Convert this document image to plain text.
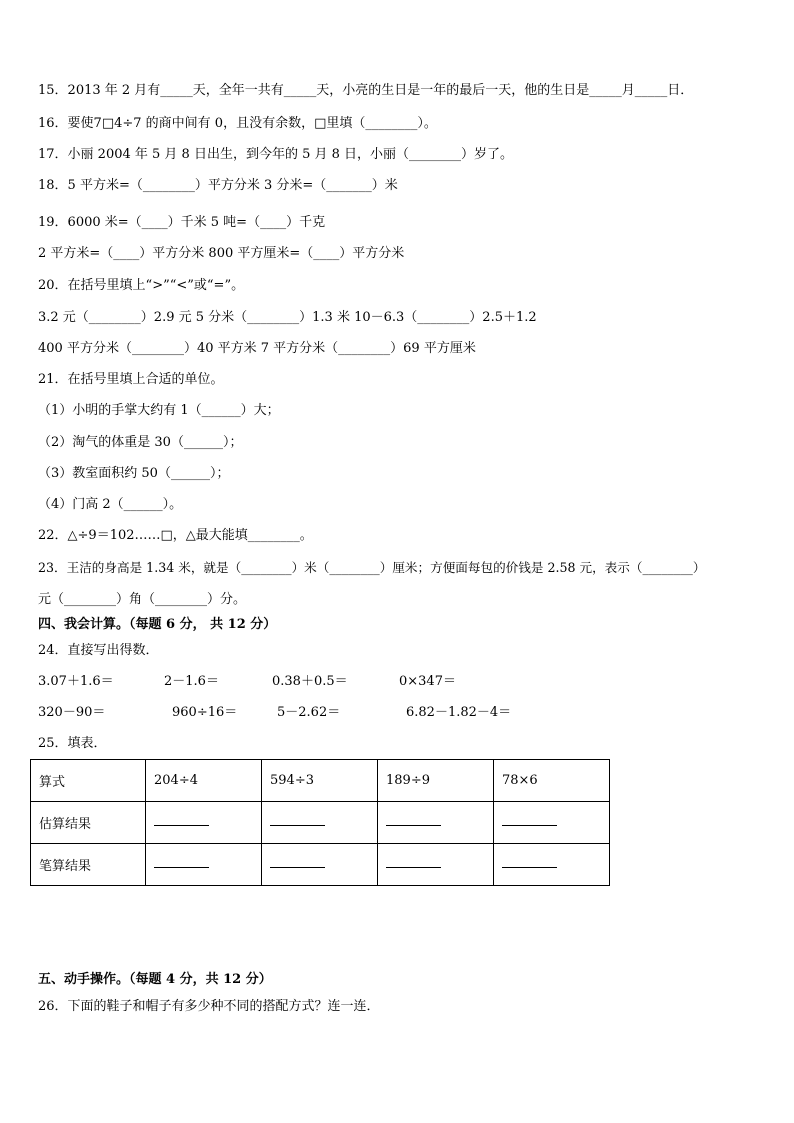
15．2013 年 2 月有_____天，全年一共有_____天，小亮的生日是一年的最后一天，他的生日是_____月_____日．
16．要使7□4÷7 的商中间有 0，且没有余数，□里填（________）。
17．小丽 2004 年 5 月 8 日出生，到今年的 5 月 8 日，小丽（________）岁了。
18．5 平方米=（________）平方分米 3 分米=（_______）米
19．6000 米=（____）千米 5 吨=（____）千克
2 平方米=（____）平方分米 800 平方厘米=（____）平方分米
20．在括号里填上“>”“<”或“=”。
3.2 元（________）2.9 元 5 分米（________）1.3 米 10－6.3（________）2.5＋1.2
400 平方分米（________）40 平方米 7 平方分米（________）69 平方厘米
21．在括号里填上合适的单位。
（1）小明的手掌大约有 1（______）大；
（2）淘气的体重是 30（______）；
（3）教室面积约 50（______）；
（4）门高 2（______）。
22．△÷9＝102……□，△最大能填________。
23．王洁的身高是 1.34 米，就是（________）米（________）厘米；方便面每包的价钱是 2.58 元，表示（________）
元（________）角（________）分。
四、我会计算。（每题 6 分， 共 12 分）
24．直接写出得数．
3.07＋1.6＝	2－1.6＝	0.38＋0.5＝	0×347＝
320－90＝	960÷16＝	5－2.62＝	6.82－1.82－4＝
25．填表．
算式	204÷4	594÷3	189÷9	78×6
估算结果				
笔算结果				
五、动手操作。（每题 4 分，共 12 分）
26．下面的鞋子和帽子有多少种不同的搭配方式？连一连．
